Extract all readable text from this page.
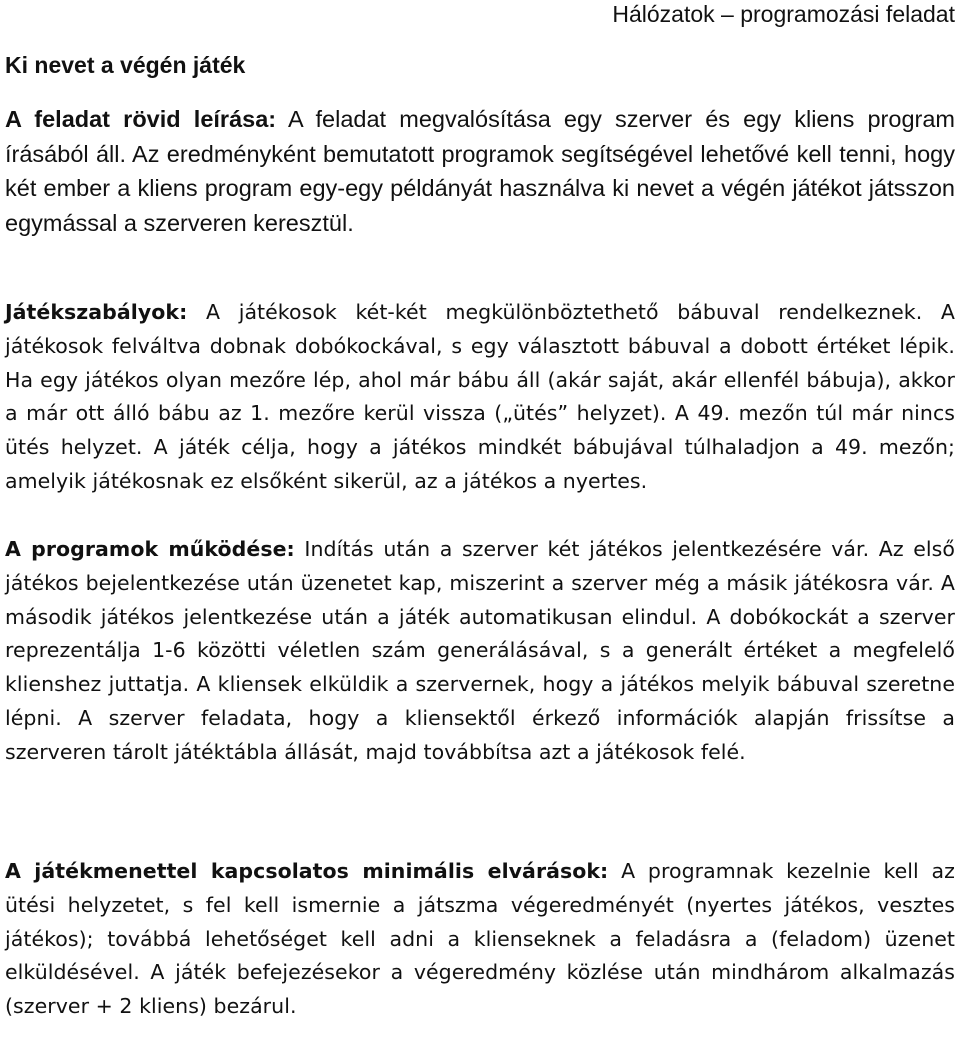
Hálózatok – programozási feladat
Ki nevet a végén játék

A feladat rövid leírása: A feladat megvalósítása egy szerver és egy kliens program írásából áll. Az eredményként bemutatott programok segítségével lehetővé kell tenni, hogy két ember a kliens program egy-egy példányát használva ki nevet a végén játékot játsszon egymással a szerveren keresztül.

Játékszabályok: A játékosok két-két megkülönböztethető bábuval rendelkeznek. A játékosok felváltva dobnak dobókockával, s egy választott bábuval a dobott értéket lépik. Ha egy játékos olyan mezőre lép, ahol már bábu áll (akár saját, akár ellenfél bábuja), akkor a már ott álló bábu az 1. mezőre kerül vissza („ütés” helyzet). A 49. mezőn túl már nincs ütés helyzet. A játék célja, hogy a játékos mindkét bábujával túlhaladjon a 49. mezőn; amelyik játékosnak ez elsőként sikerül, az a játékos a nyertes.

A programok működése: Indítás után a szerver két játékos jelentkezésére vár. Az első játékos bejelentkezése után üzenetet kap, miszerint a szerver még a másik játékosra vár. A második játékos jelentkezése után a játék automatikusan elindul. A dobókockát a szerver reprezentálja 1-6 közötti véletlen szám generálásával, s a generált értéket a megfelelő klienshez juttatja. A kliensek elküldik a szervernek, hogy a játékos melyik bábuval szeretne lépni. A szerver feladata, hogy a kliensektől érkező információk alapján frissítse a szerveren tárolt játéktábla állását, majd továbbítsa azt a játékosok felé.

A játékmenettel kapcsolatos minimális elvárások: A programnak kezelnie kell az ütési helyzetet, s fel kell ismernie a játszma végeredményét (nyertes játékos, vesztes játékos); továbbá lehetőséget kell adni a klienseknek a feladásra a (feladom) üzenet elküldésével. A játék befejezésekor a végeredmény közlése után mindhárom alkalmazás (szerver + 2 kliens) bezárul.
